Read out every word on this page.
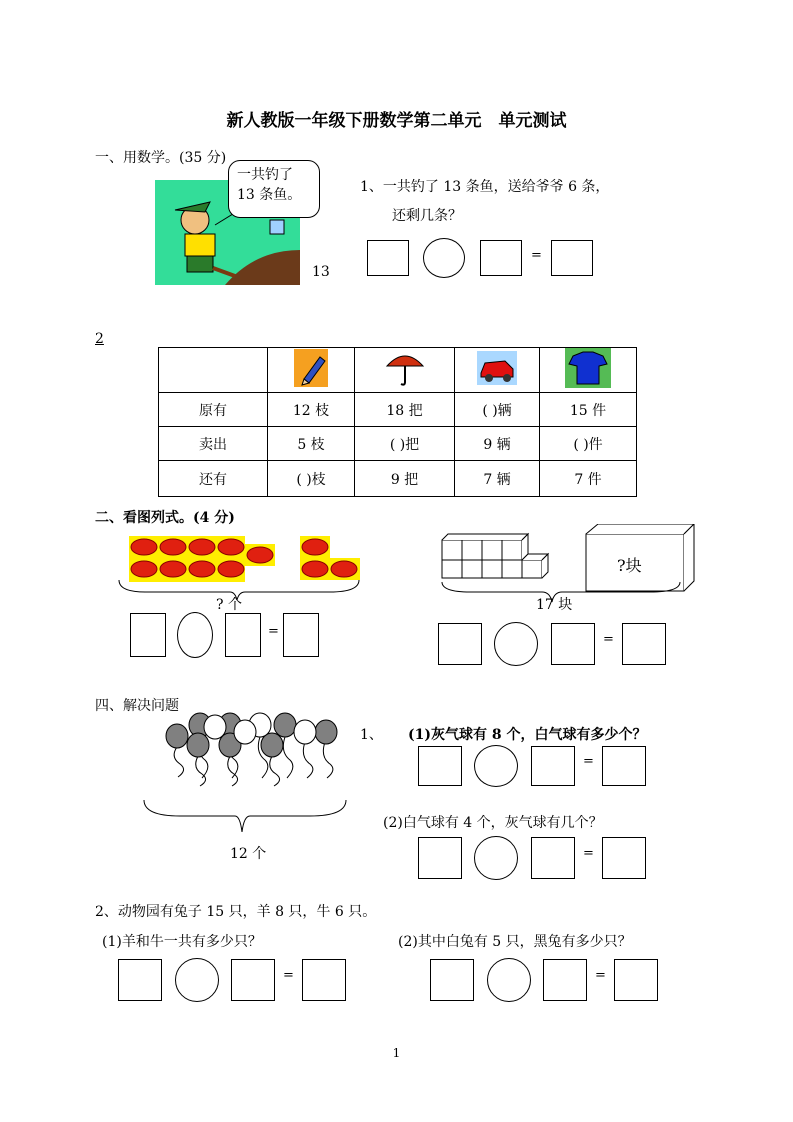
新人教版一年级下册数学第二单元　单元测试
一、用数学。(35 分)
一共钓了
13 条鱼。
13
1、一共钓了 13 条鱼，送给爷爷 6 条，
还剩几条？
=
2

原有	12 枝	18 把	( )辆	15 件
卖出	5 枝	( )把	9 辆	( )件
还有	( )枝	9 把	7 辆	7 件
二、看图列式。(4 分)
? 个
=
?块
17 块
=
四、解决问题
12 个
1、 (1)灰气球有 8 个，白气球有多少个？
=
(2)白气球有 4 个，灰气球有几个？
=
2、动物园有兔子 15 只，羊 8 只，牛 6 只。
(1)羊和牛一共有多少只？	(2)其中白兔有 5 只，黑兔有多少只？
=	=
1
